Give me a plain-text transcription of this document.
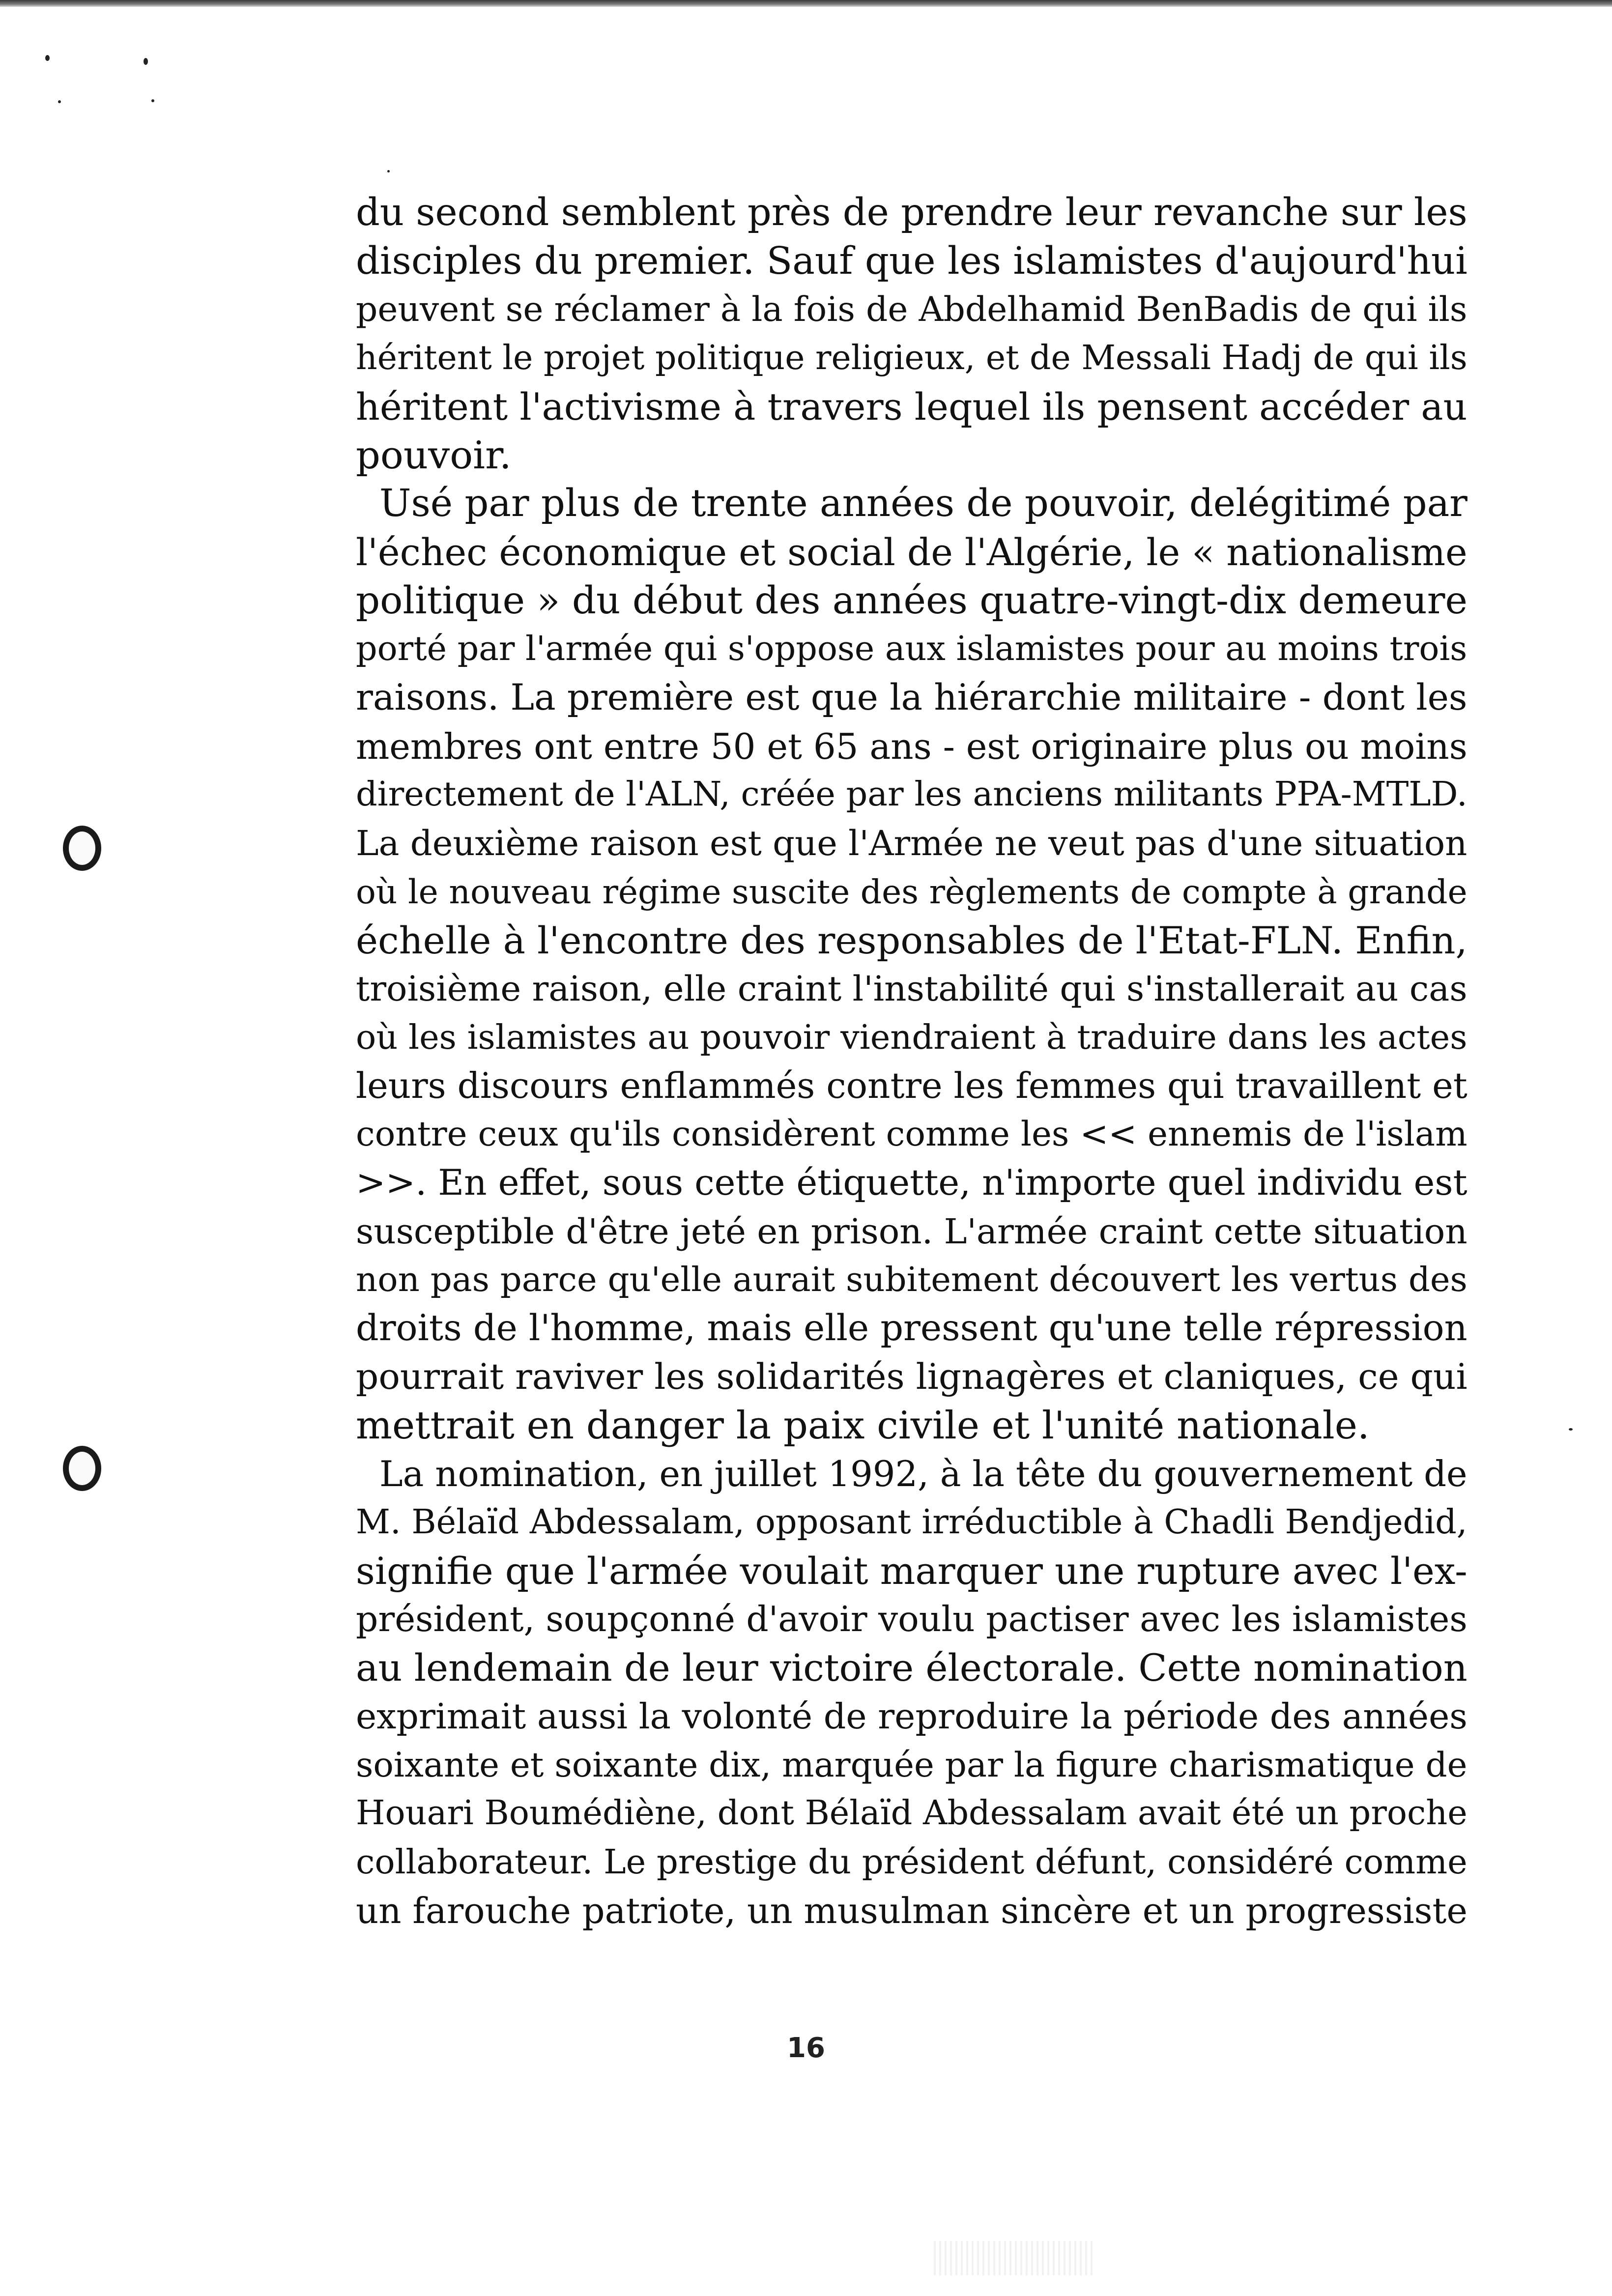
du second semblent près de prendre leur revanche sur les
disciples du premier. Sauf que les islamistes d'aujourd'hui
peuvent se réclamer à la fois de Abdelhamid BenBadis de qui ils
héritent le projet politique religieux, et de Messali Hadj de qui ils
héritent l'activisme à travers lequel ils pensent accéder au
pouvoir.

Usé par plus de trente années de pouvoir, delégitimé par
l'échec économique et social de l'Algérie, le « nationalisme
politique » du début des années quatre-vingt-dix demeure
porté par l'armée qui s'oppose aux islamistes pour au moins trois
raisons. La première est que la hiérarchie militaire - dont les
membres ont entre 50 et 65 ans - est originaire plus ou moins
directement de l'ALN, créée par les anciens militants PPA-MTLD.
La deuxième raison est que l'Armée ne veut pas d'une situation
où le nouveau régime suscite des règlements de compte à grande
échelle à l'encontre des responsables de l'Etat-FLN. Enfin,
troisième raison, elle craint l'instabilité qui s'installerait au cas
où les islamistes au pouvoir viendraient à traduire dans les actes
leurs discours enflammés contre les femmes qui travaillent et
contre ceux qu'ils considèrent comme les << ennemis de l'islam
>>. En effet, sous cette étiquette, n'importe quel individu est
susceptible d'être jeté en prison. L'armée craint cette situation
non pas parce qu'elle aurait subitement découvert les vertus des
droits de l'homme, mais elle pressent qu'une telle répression
pourrait raviver les solidarités lignagères et claniques, ce qui
mettrait en danger la paix civile et l'unité nationale.

La nomination, en juillet 1992, à la tête du gouvernement de
M. Bélaïd Abdessalam, opposant irréductible à Chadli Bendjedid,
signifie que l'armée voulait marquer une rupture avec l'ex-
président, soupçonné d'avoir voulu pactiser avec les islamistes
au lendemain de leur victoire électorale. Cette nomination
exprimait aussi la volonté de reproduire la période des années
soixante et soixante dix, marquée par la figure charismatique de
Houari Boumédiène, dont Bélaïd Abdessalam avait été un proche
collaborateur. Le prestige du président défunt, considéré comme
un farouche patriote, un musulman sincère et un progressiste

16
